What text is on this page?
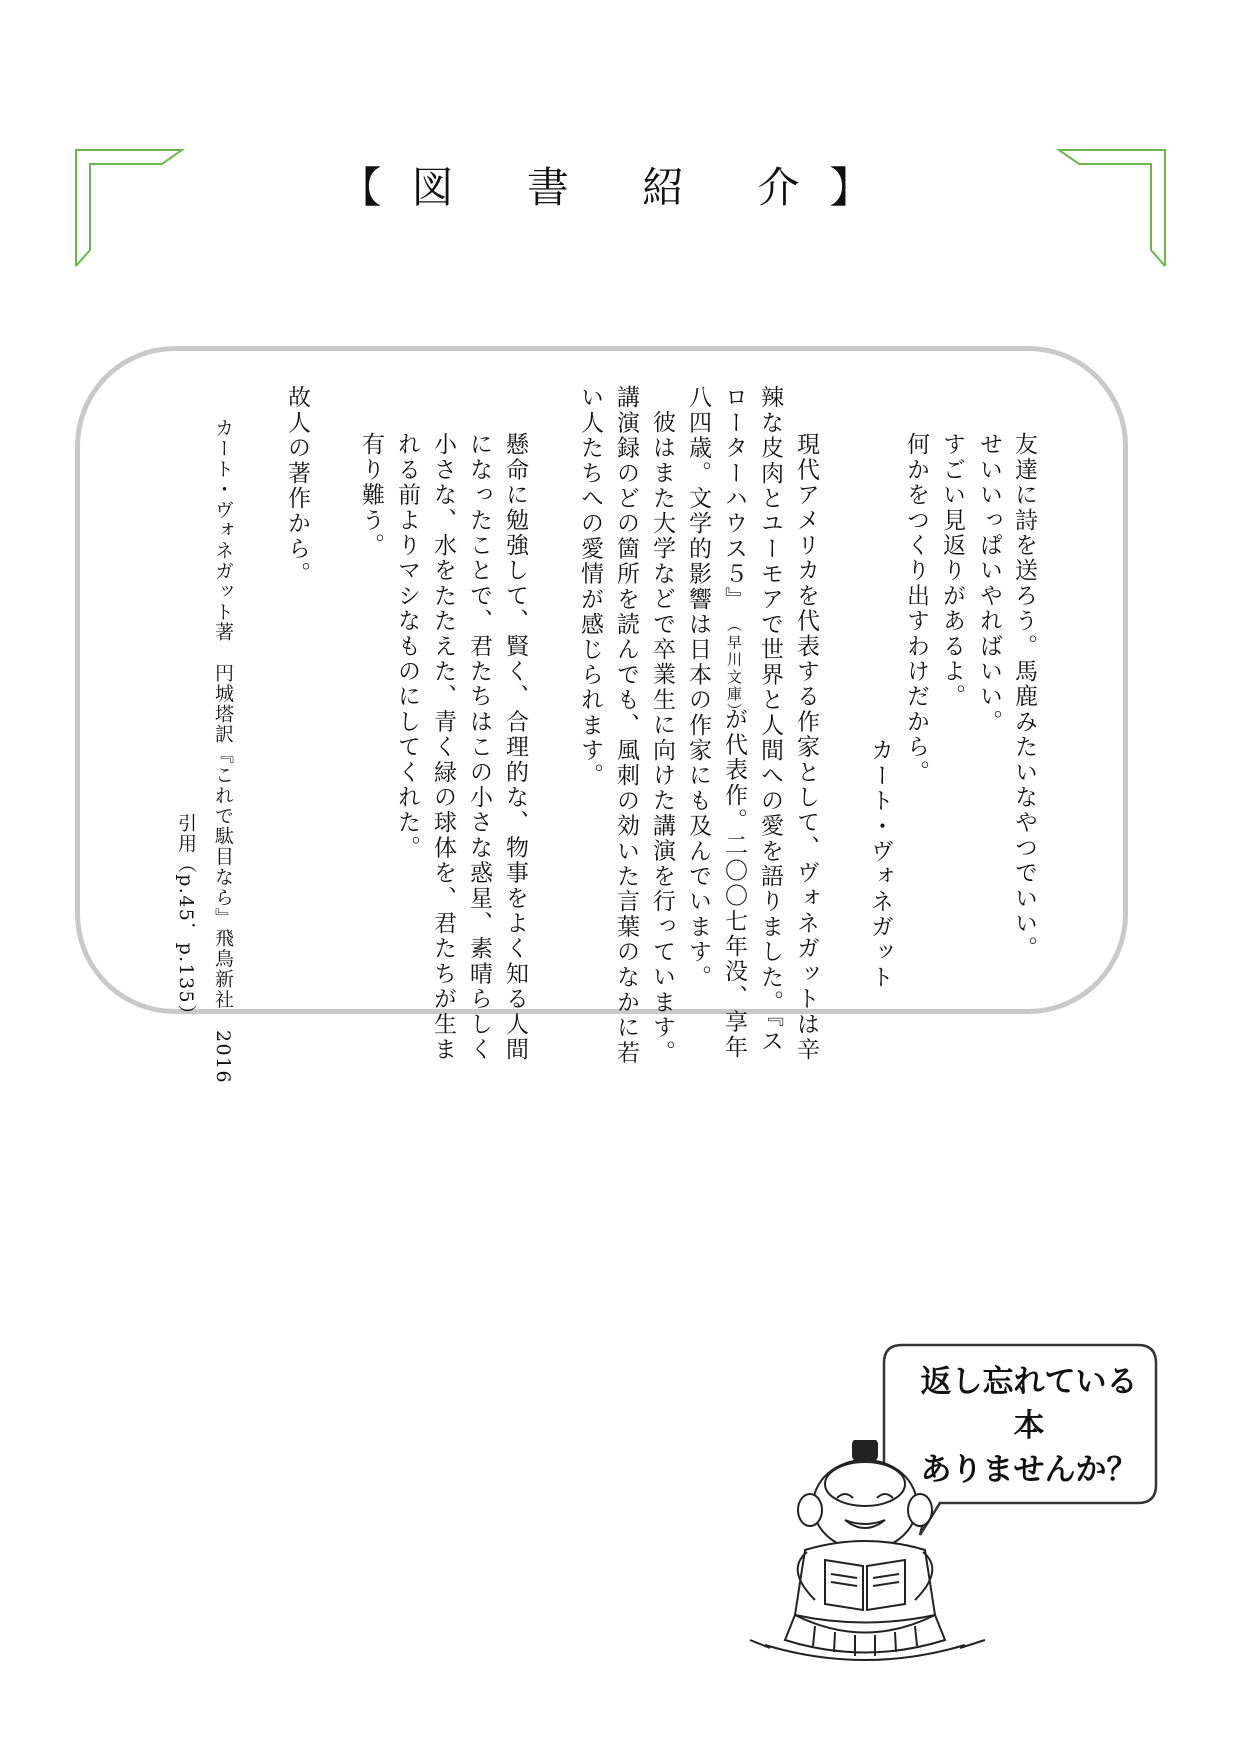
【図 書 紹 介】
友達に詩を送ろう。馬鹿みたいなやつでいい。
せいいっぱいやればいい。
すごい見返りがあるよ。
何かをつくり出すわけだから。
カート・ヴォネガット
現代アメリカを代表する作家として、ヴォネガットは辛
辣な皮肉とユーモアで世界と人間への愛を語りました。『ス
ローターハウス５』
（早川文庫）
が代表作。二〇〇七年没、享年
八四歳。文学的影響は日本の作家にも及んでいます。
彼はまた大学などで卒業生に向けた講演を行っています。
講演録のどの箇所を読んでも、風刺の効いた言葉のなかに若
い人たちへの愛情が感じられます。
懸命に勉強して、賢く、合理的な、物事をよく知る人間
になったことで、君たちはこの小さな惑星、素晴らしく
小さな、水をたたえた、青く緑の球体を、君たちが生ま
れる前よりマシなものにしてくれた。
有り難う。
故人の著作から。
カート・ヴォネガット著　円城塔訳『これで駄目なら』飛鳥新社　2016
引用（p.45．p.135）
返し忘れている
本
ありませんか？
